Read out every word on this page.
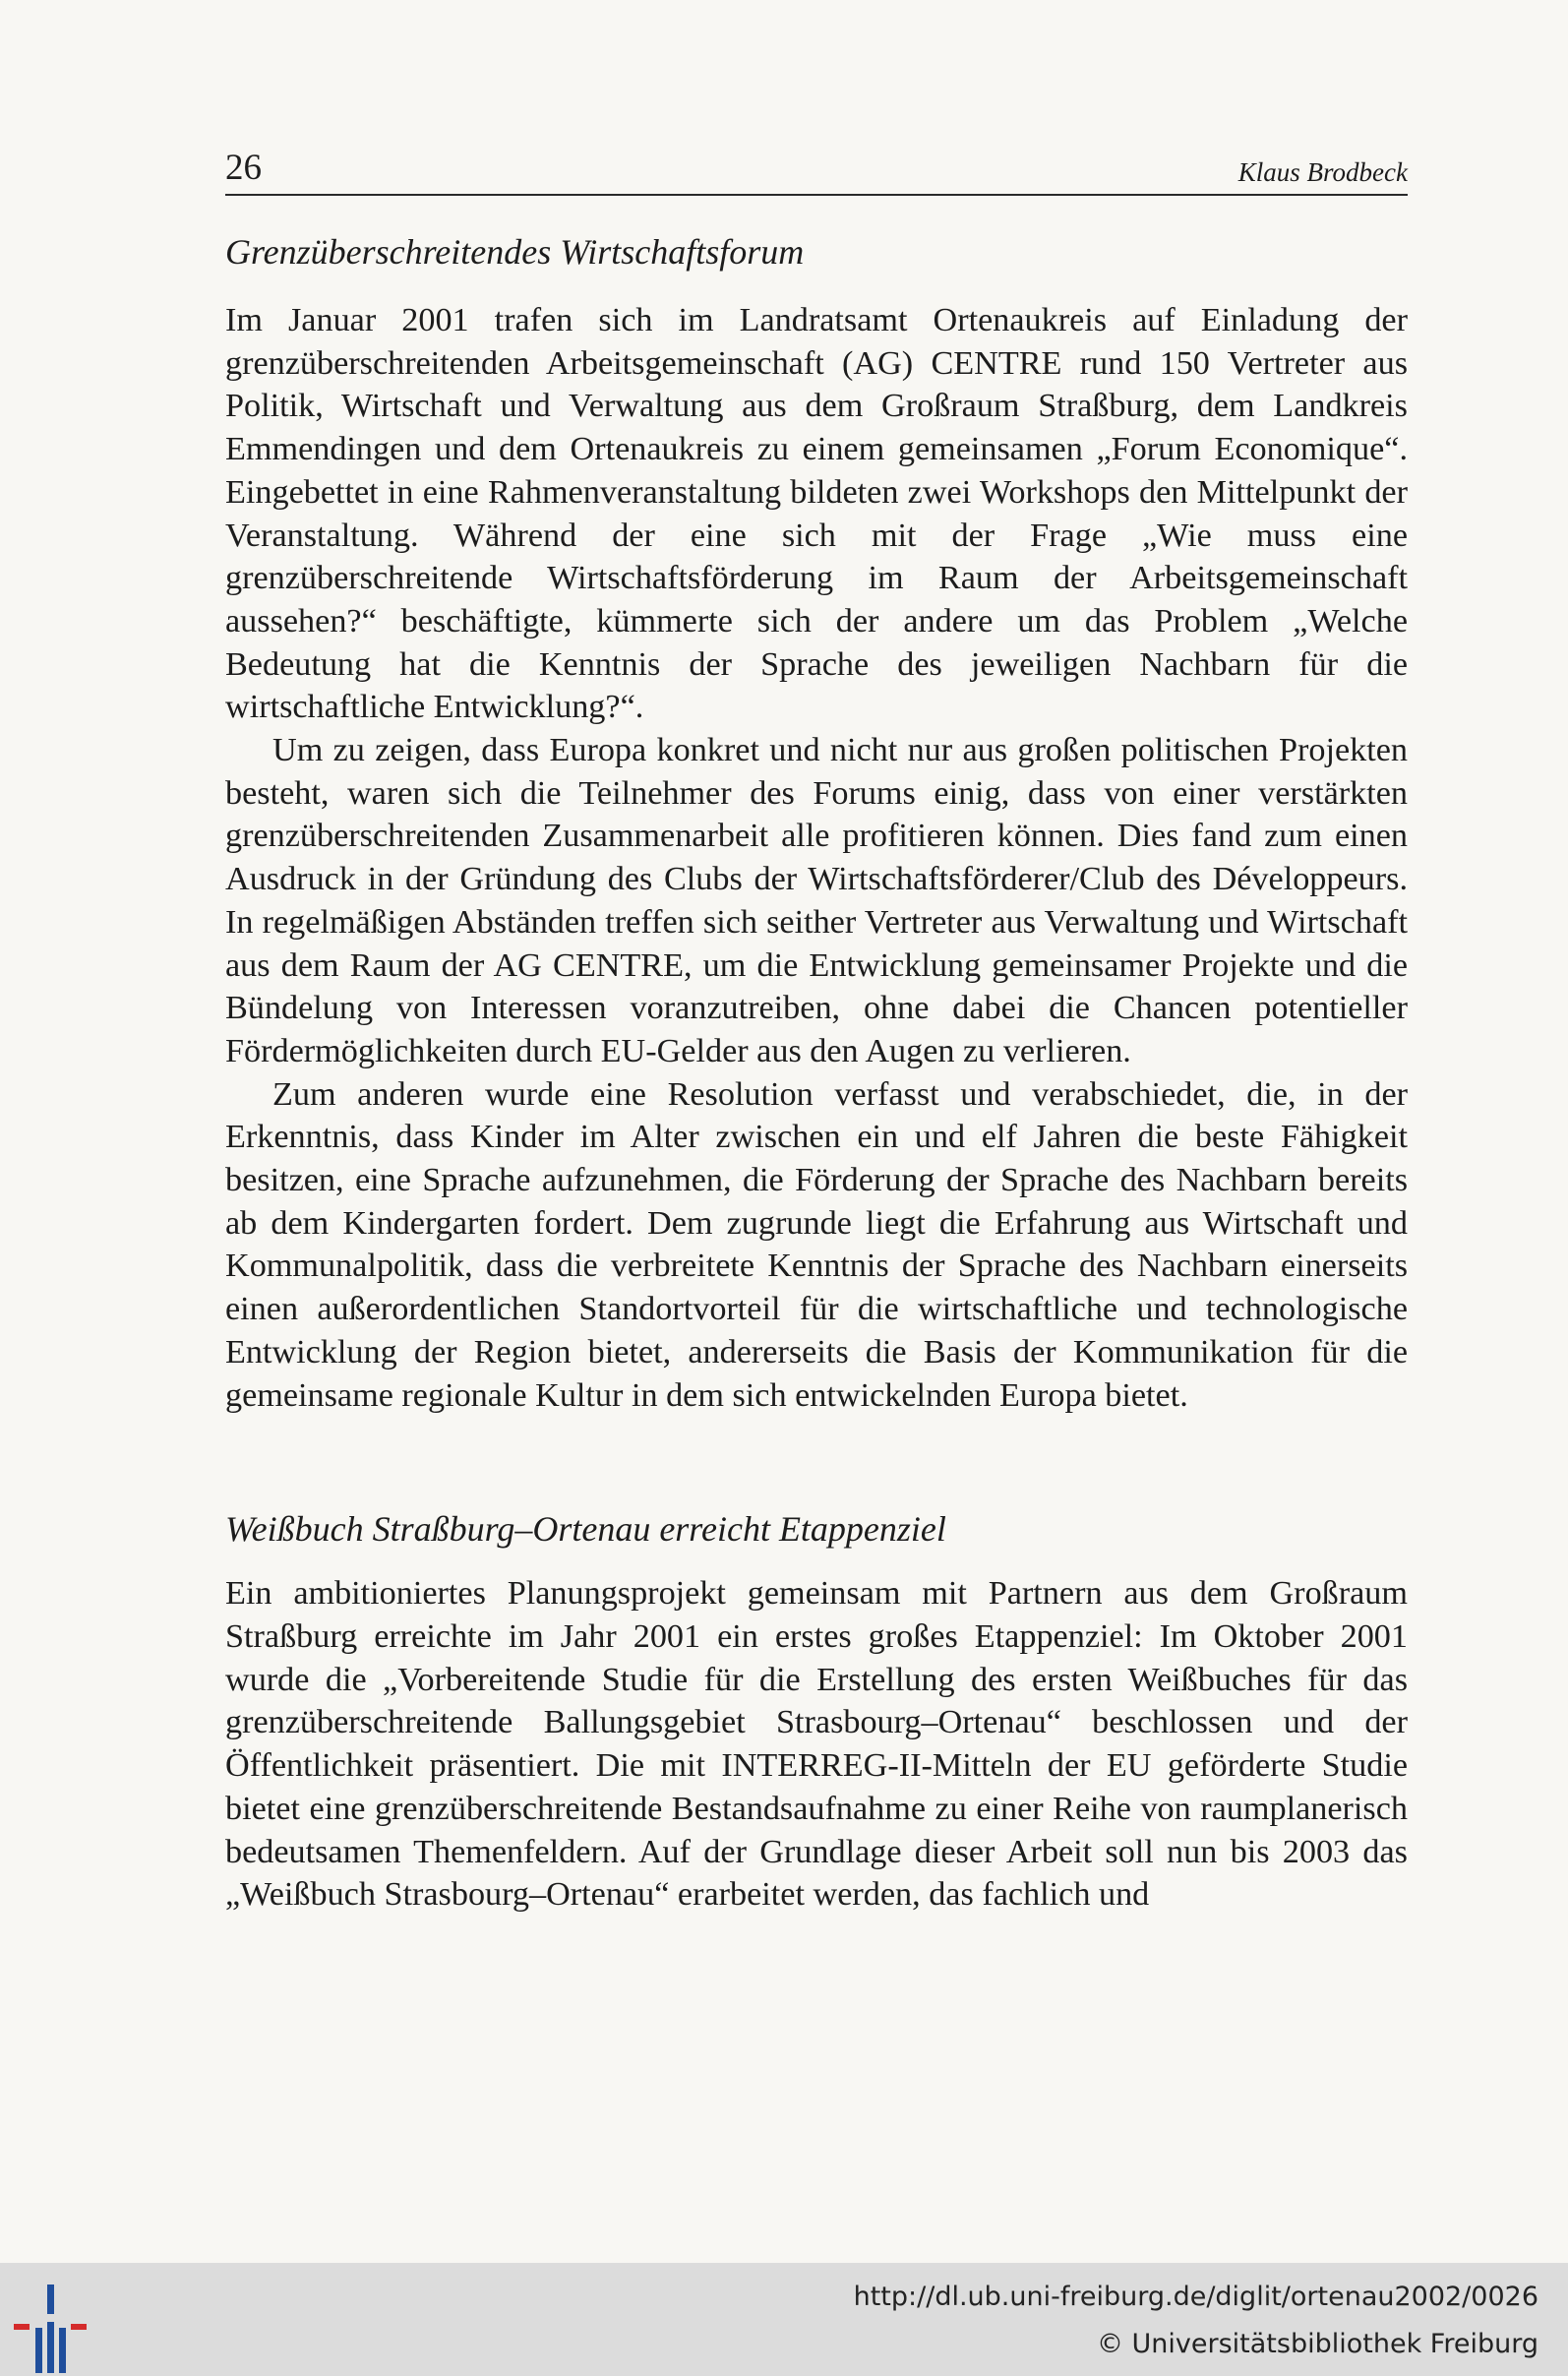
26	Klaus Brodbeck
Grenzüberschreitendes Wirtschaftsforum

Im Januar 2001 trafen sich im Landratsamt Ortenaukreis auf Einladung der grenzüberschreitenden Arbeitsgemeinschaft (AG) CENTRE rund 150 Vertreter aus Politik, Wirtschaft und Verwaltung aus dem Großraum Straßburg, dem Landkreis Emmendingen und dem Ortenaukreis zu einem gemeinsamen „Forum Economique“. Eingebettet in eine Rahmenveranstaltung bildeten zwei Workshops den Mittelpunkt der Veranstaltung. Während der eine sich mit der Frage „Wie muss eine grenzüberschreitende Wirtschaftsförderung im Raum der Arbeitsgemeinschaft aussehen?“ beschäftigte, kümmerte sich der andere um das Problem „Welche Bedeutung hat die Kenntnis der Sprache des jeweiligen Nachbarn für die wirtschaftliche Entwicklung?“.

Um zu zeigen, dass Europa konkret und nicht nur aus großen politischen Projekten besteht, waren sich die Teilnehmer des Forums einig, dass von einer verstärkten grenzüberschreitenden Zusammenarbeit alle profitieren können. Dies fand zum einen Ausdruck in der Gründung des Clubs der Wirtschaftsförderer/Club des Développeurs. In regelmäßigen Abständen treffen sich seither Vertreter aus Verwaltung und Wirtschaft aus dem Raum der AG CENTRE, um die Entwicklung gemeinsamer Projekte und die Bündelung von Interessen voranzutreiben, ohne dabei die Chancen potentieller Fördermöglichkeiten durch EU-Gelder aus den Augen zu verlieren.

Zum anderen wurde eine Resolution verfasst und verabschiedet, die, in der Erkenntnis, dass Kinder im Alter zwischen ein und elf Jahren die beste Fähigkeit besitzen, eine Sprache aufzunehmen, die Förderung der Sprache des Nachbarn bereits ab dem Kindergarten fordert. Dem zugrunde liegt die Erfahrung aus Wirtschaft und Kommunalpolitik, dass die verbreitete Kenntnis der Sprache des Nachbarn einerseits einen außerordentlichen Standortvorteil für die wirtschaftliche und technologische Entwicklung der Region bietet, andererseits die Basis der Kommunikation für die gemeinsame regionale Kultur in dem sich entwickelnden Europa bietet.

Weißbuch Straßburg–Ortenau erreicht Etappenziel

Ein ambitioniertes Planungsprojekt gemeinsam mit Partnern aus dem Großraum Straßburg erreichte im Jahr 2001 ein erstes großes Etappenziel: Im Oktober 2001 wurde die „Vorbereitende Studie für die Erstellung des ersten Weißbuches für das grenzüberschreitende Ballungsgebiet Strasbourg–Ortenau“ beschlossen und der Öffentlichkeit präsentiert. Die mit INTERREG-II-Mitteln der EU geförderte Studie bietet eine grenzüberschreitende Bestandsaufnahme zu einer Reihe von raumplanerisch bedeutsamen Themenfeldern. Auf der Grundlage dieser Arbeit soll nun bis 2003 das „Weißbuch Strasbourg–Ortenau“ erarbeitet werden, das fachlich und

http://dl.ub.uni-freiburg.de/diglit/ortenau2002/0026
© Universitätsbibliothek Freiburg
